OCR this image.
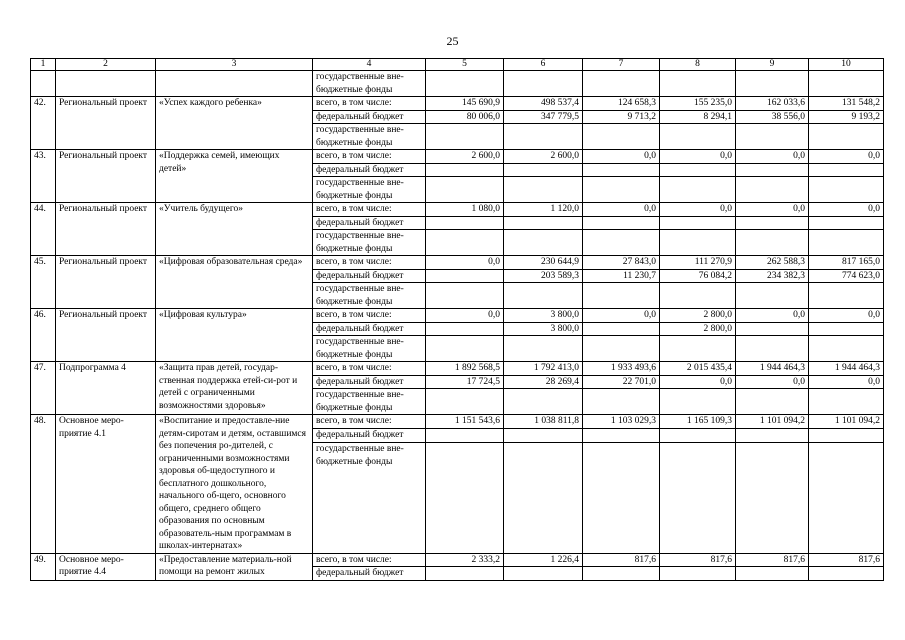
25
1	2	3	4	5	6	7	8	9	10
			государственные вне-бюджетные фонды						
42.	Региональный проект	«Успех каждого ребенка»	всего, в том числе:	145 690,9	498 537,4	124 658,3	155 235,0	162 033,6	131 548,2
			федеральный бюджет	80 006,0	347 779,5	9 713,2	8 294,1	38 556,0	9 193,2
			государственные вне-бюджетные фонды						
43.	Региональный проект	«Поддержка семей, имеющих детей»	всего, в том числе:	2 600,0	2 600,0	0,0	0,0	0,0	0,0
			федеральный бюджет						
			государственные вне-бюджетные фонды						
44.	Региональный проект	«Учитель будущего»	всего, в том числе:	1 080,0	1 120,0	0,0	0,0	0,0	0,0
			федеральный бюджет						
			государственные вне-бюджетные фонды						
45.	Региональный проект	«Цифровая образовательная среда»	всего, в том числе:	0,0	230 644,9	27 843,0	111 270,9	262 588,3	817 165,0
			федеральный бюджет		203 589,3	11 230,7	76 084,2	234 382,3	774 623,0
			государственные вне-бюджетные фонды						
46.	Региональный проект	«Цифровая культура»	всего, в том числе:	0,0	3 800,0	0,0	2 800,0	0,0	0,0
			федеральный бюджет		3 800,0		2 800,0		
			государственные вне-бюджетные фонды						
47.	Подпрограмма 4	«Защита прав детей, государ-ственная поддержка етей-си-рот и детей с ограниченными возможностями здоровья»	всего, в том числе:	1 892 568,5	1 792 413,0	1 933 493,6	2 015 435,4	1 944 464,3	1 944 464,3
			федеральный бюджет	17 724,5	28 269,4	22 701,0	0,0	0,0	0,0
			государственные вне-бюджетные фонды						
48.	Основное меро-приятие 4.1	«Воспитание и предоставле-ние детям-сиротам и детям, оставшимся без попечения ро-дителей, с ограниченными возможностями здоровья об-щедоступного и бесплатного дошкольного, начального об-щего, основного общего, среднего общего образования по основным образователь-ным программам в школах-интернатах»	всего, в том числе:	1 151 543,6	1 038 811,8	1 103 029,3	1 165 109,3	1 101 094,2	1 101 094,2
			федеральный бюджет						
			государственные вне-бюджетные фонды						
49.	Основное меро-приятие 4.4	«Предоставление материаль-ной помощи на ремонт жилых	всего, в том числе:	2 333,2	1 226,4	817,6	817,6	817,6	817,6
			федеральный бюджет						
